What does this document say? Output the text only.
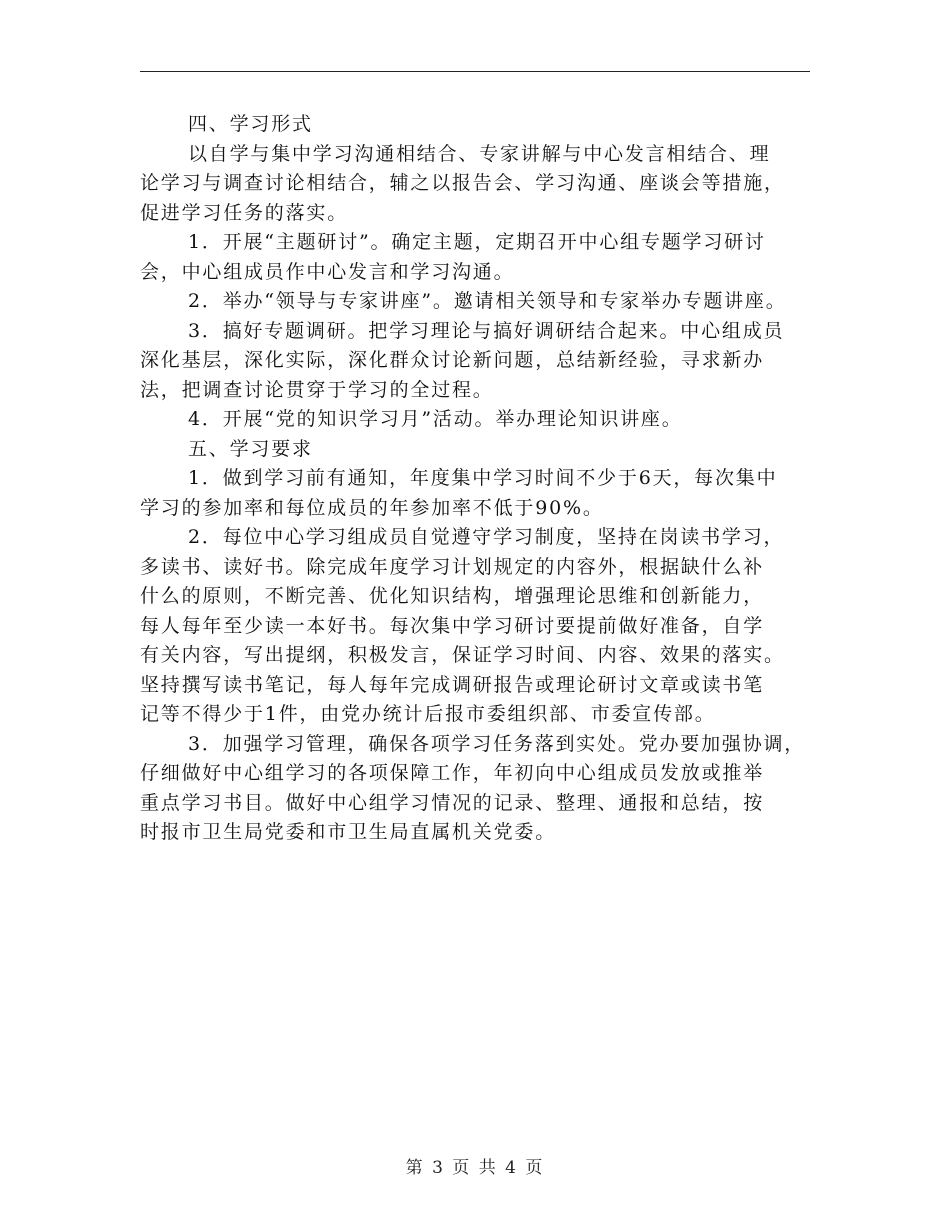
四、学习形式
以自学与集中学习沟通相结合、专家讲解与中心发言相结合、理
论学习与调查讨论相结合，辅之以报告会、学习沟通、座谈会等措施，
促进学习任务的落实。
1．开展“主题研讨”。确定主题，定期召开中心组专题学习研讨
会，中心组成员作中心发言和学习沟通。
2．举办“领导与专家讲座”。邀请相关领导和专家举办专题讲座。
3．搞好专题调研。把学习理论与搞好调研结合起来。中心组成员
深化基层，深化实际，深化群众讨论新问题，总结新经验，寻求新办
法，把调查讨论贯穿于学习的全过程。
4．开展“党的知识学习月”活动。举办理论知识讲座。
五、学习要求
1．做到学习前有通知，年度集中学习时间不少于6天，每次集中
学习的参加率和每位成员的年参加率不低于90%。
2．每位中心学习组成员自觉遵守学习制度，坚持在岗读书学习，
多读书、读好书。除完成年度学习计划规定的内容外，根据缺什么补
什么的原则，不断完善、优化知识结构，增强理论思维和创新能力，
每人每年至少读一本好书。每次集中学习研讨要提前做好准备，自学
有关内容，写出提纲，积极发言，保证学习时间、内容、效果的落实。
坚持撰写读书笔记，每人每年完成调研报告或理论研讨文章或读书笔
记等不得少于1件，由党办统计后报市委组织部、市委宣传部。
3．加强学习管理，确保各项学习任务落到实处。党办要加强协调，
仔细做好中心组学习的各项保障工作，年初向中心组成员发放或推举
重点学习书目。做好中心组学习情况的记录、整理、通报和总结，按
时报市卫生局党委和市卫生局直属机关党委。
第 3 页 共 4 页
